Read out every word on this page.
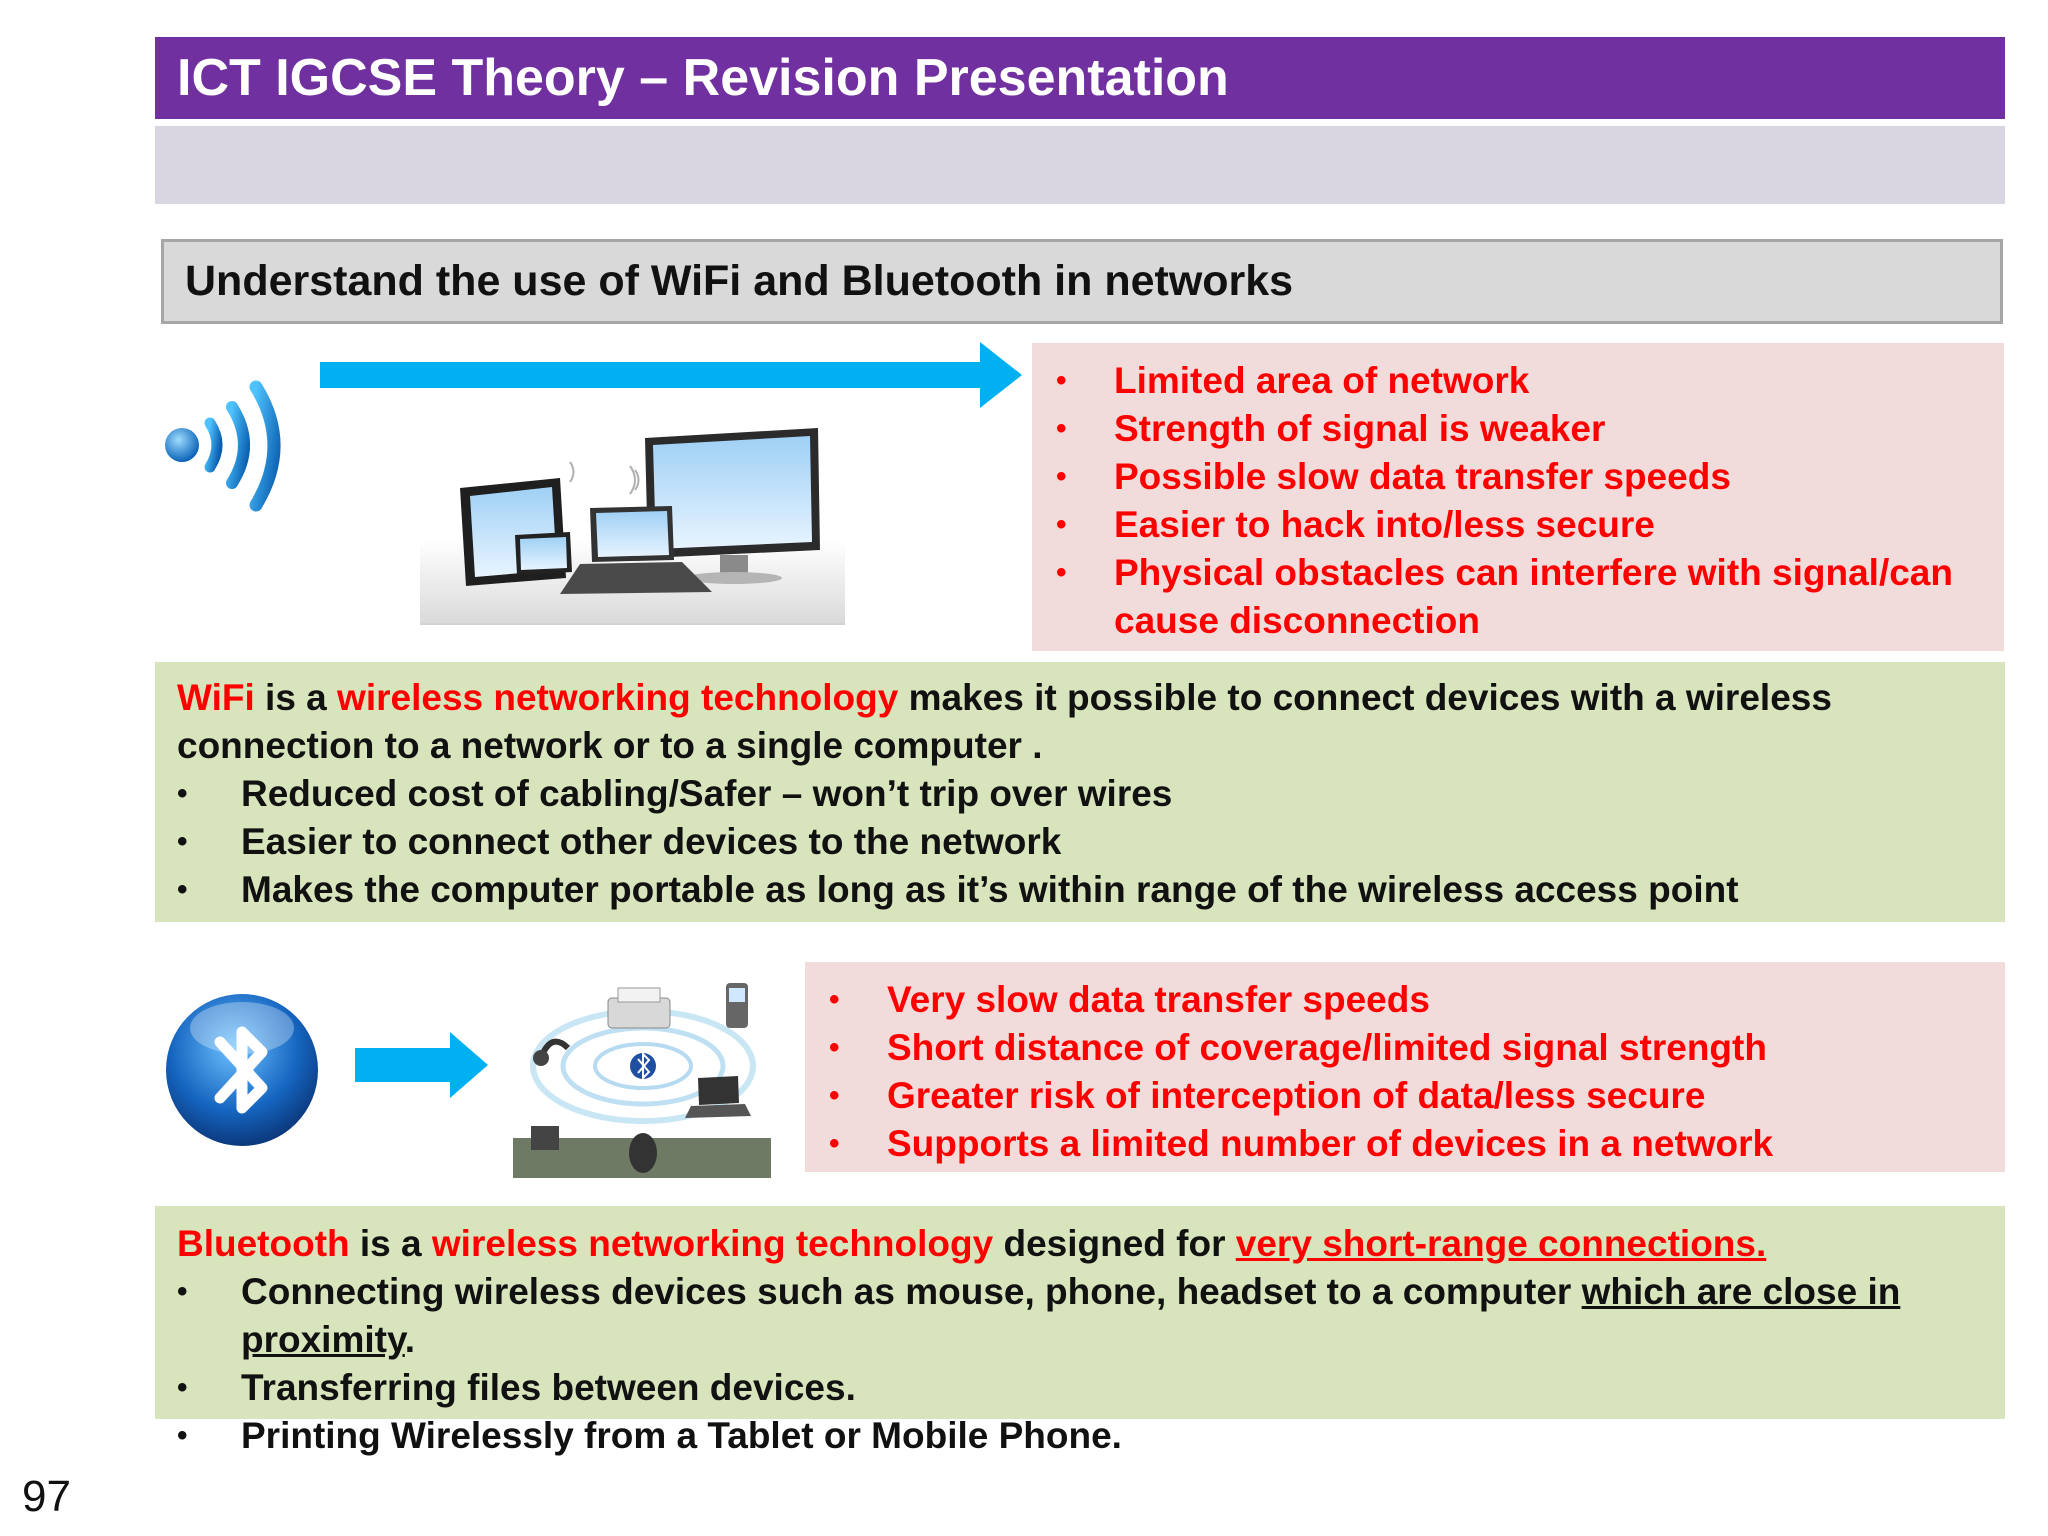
ICT IGCSE Theory – Revision Presentation
Understand the use of WiFi and Bluetooth in networks
• Limited area of network
• Strength of signal is weaker
• Possible slow data transfer speeds
• Easier to hack into/less secure
• Physical obstacles can interfere with signal/can cause disconnection
WiFi is a wireless networking technology makes it possible to connect devices with a wireless connection to a network or to a single computer .
• Reduced cost of cabling/Safer – won’t trip over wires
• Easier to connect other devices to the network
• Makes the computer portable as long as it’s within range of the wireless access point
• Very slow data transfer speeds
• Short distance of coverage/limited signal strength
• Greater risk of interception of data/less secure
• Supports a limited number of devices in a network
Bluetooth is a wireless networking technology designed for very short-range connections.
• Connecting wireless devices such as mouse, phone, headset to a computer which are close in proximity.
• Transferring files between devices.
• Printing Wirelessly from a Tablet or Mobile Phone.
97
